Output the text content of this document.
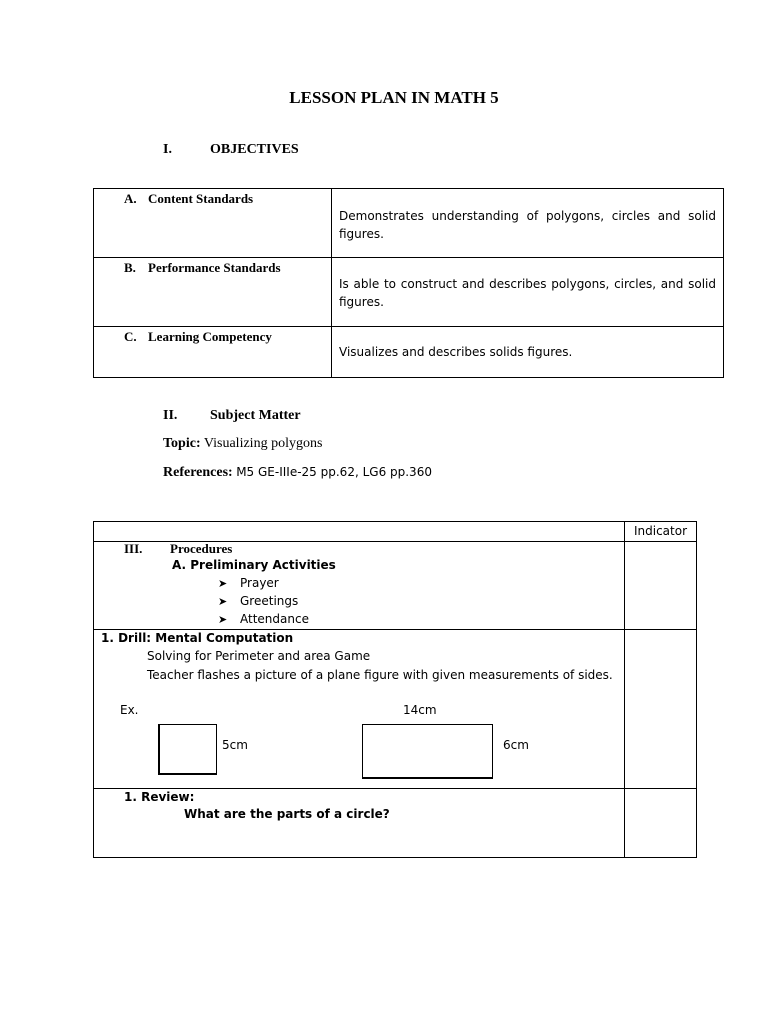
LESSON PLAN IN MATH 5
I.	OBJECTIVES
A. Content Standards
Demonstrates understanding of polygons, circles and solid figures.
B. Performance Standards
Is able to construct and describes polygons, circles, and solid figures.
C. Learning Competency
Visualizes and describes solids figures.
II. Subject Matter
Topic: Visualizing polygons
References: M5 GE-IIIe-25 pp.62, LG6 pp.360
Indicator
III. Procedures
A. Preliminary Activities
➤ Prayer
➤ Greetings
➤ Attendance
1. Drill: Mental Computation
Solving for Perimeter and area Game
Teacher flashes a picture of a plane figure with given measurements of sides.
Ex.	14cm
5cm	6cm
1. Review:
What are the parts of a circle?
